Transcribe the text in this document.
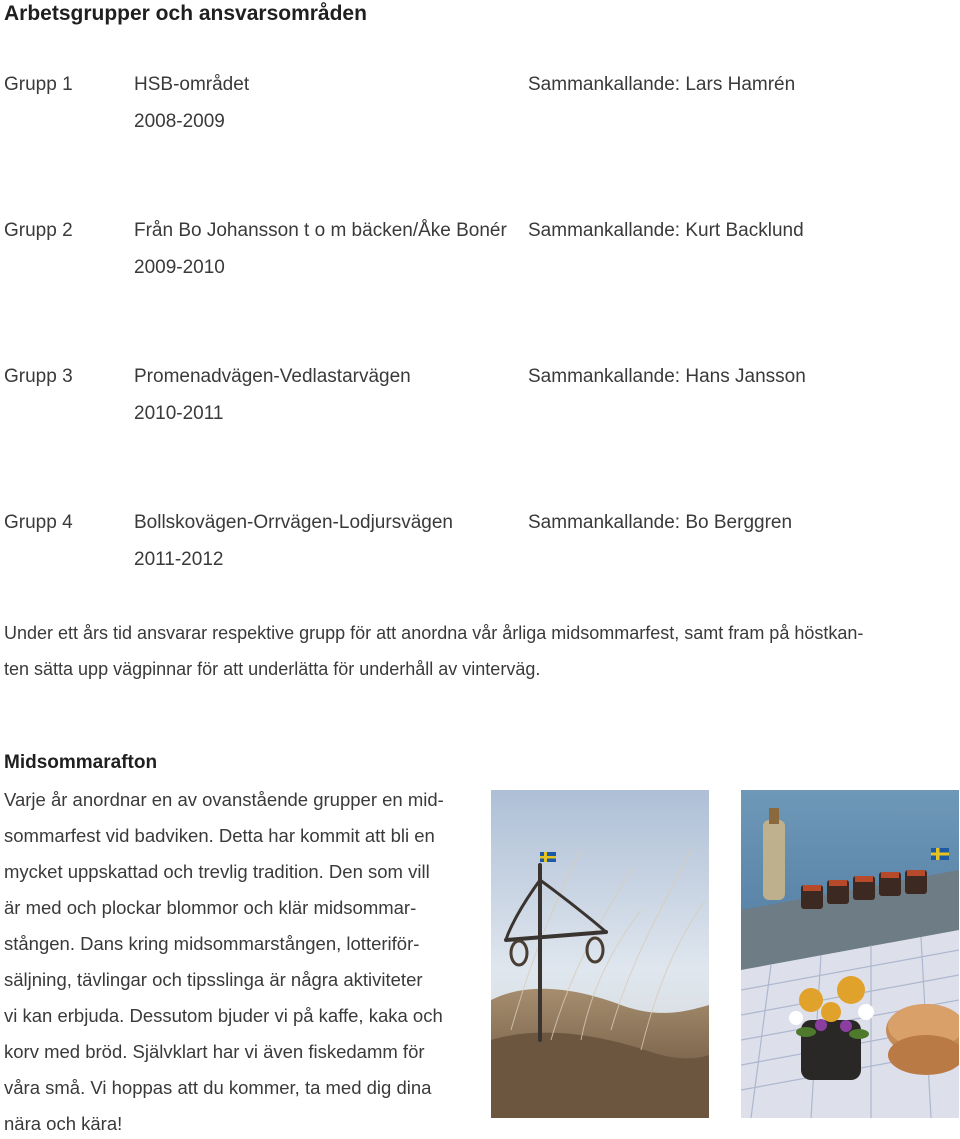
Arbetsgrupper och ansvarsområden
Grupp 1	HSB-området
2008-2009
Sammankallande: Lars Hamrén
Grupp 2	Från Bo Johansson t o m bäcken/Åke Bonér
2009-2010
Sammankallande: Kurt Backlund
Grupp 3	Promenadvägen-Vedlastarvägen
2010-2011
Sammankallande: Hans Jansson
Grupp 4	Bollskovägen-Orrvägen-Lodjursvägen
2011-2012
Sammankallande: Bo Berggren
Under ett års tid ansvarar respektive grupp för att anordna vår årliga midsommarfest, samt fram på höstkan-
ten sätta upp vägpinnar för att underlätta för underhåll av vinterväg.
Midsommarafton

Varje år anordnar en av ovanstående grupper en mid-

sommarfest vid badviken. Detta har kommit att bli en

mycket uppskattad och trevlig tradition. Den som vill

är med och plockar blommor och klär midsommar-

stången. Dans kring midsommarstången, lotteriför-

säljning, tävlingar och tipsslinga är några aktiviteter

vi kan erbjuda. Dessutom bjuder vi på kaffe, kaka och

korv med bröd. Självklart har vi även fiskedamm för

våra små. Vi hoppas att du kommer, ta med dig dina

nära och kära!
